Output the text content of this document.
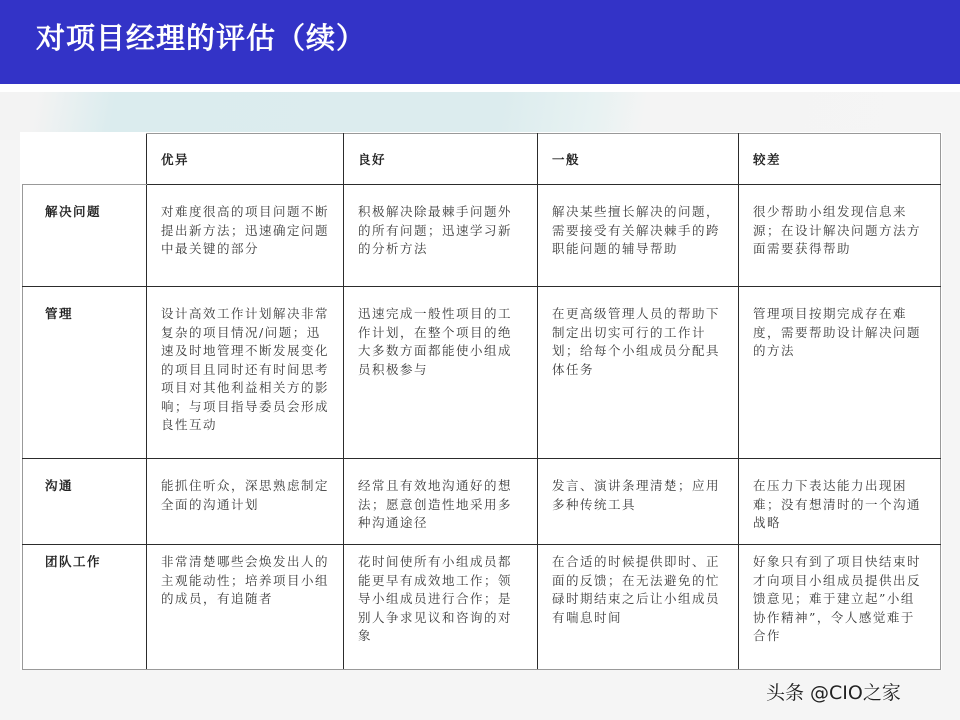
对项目经理的评估（续）
	优异	良好	一般	较差
解决问题	对难度很高的项目问题不断提出新方法；迅速确定问题中最关键的部分	积极解决除最棘手问题外的所有问题；迅速学习新的分析方法	解决某些擅长解决的问题，需要接受有关解决棘手的跨职能问题的辅导帮助	很少帮助小组发现信息来源；在设计解决问题方法方面需要获得帮助
管理	设计高效工作计划解决非常复杂的项目情况/问题；迅速及时地管理不断发展变化的项目且同时还有时间思考项目对其他利益相关方的影响；与项目指导委员会形成良性互动	迅速完成一般性项目的工作计划，在整个项目的绝大多数方面都能使小组成员积极参与	在更高级管理人员的帮助下制定出切实可行的工作计划；给每个小组成员分配具体任务	管理项目按期完成存在难度，需要帮助设计解决问题的方法
沟通	能抓住听众，深思熟虑制定全面的沟通计划	经常且有效地沟通好的想法；愿意创造性地采用多种沟通途径	发言、演讲条理清楚；应用多种传统工具	在压力下表达能力出现困难；没有想清时的一个沟通战略
团队工作	非常清楚哪些会焕发出人的主观能动性；培养项目小组的成员，有追随者	花时间使所有小组成员都能更早有成效地工作；领导小组成员进行合作；是别人争求见议和咨询的对象	在合适的时候提供即时、正面的反馈；在无法避免的忙碌时期结束之后让小组成员有喘息时间	好象只有到了项目快结束时才向项目小组成员提供出反馈意见；难于建立起”小组协作精神”，令人感觉难于合作
头条 @CIO之家
